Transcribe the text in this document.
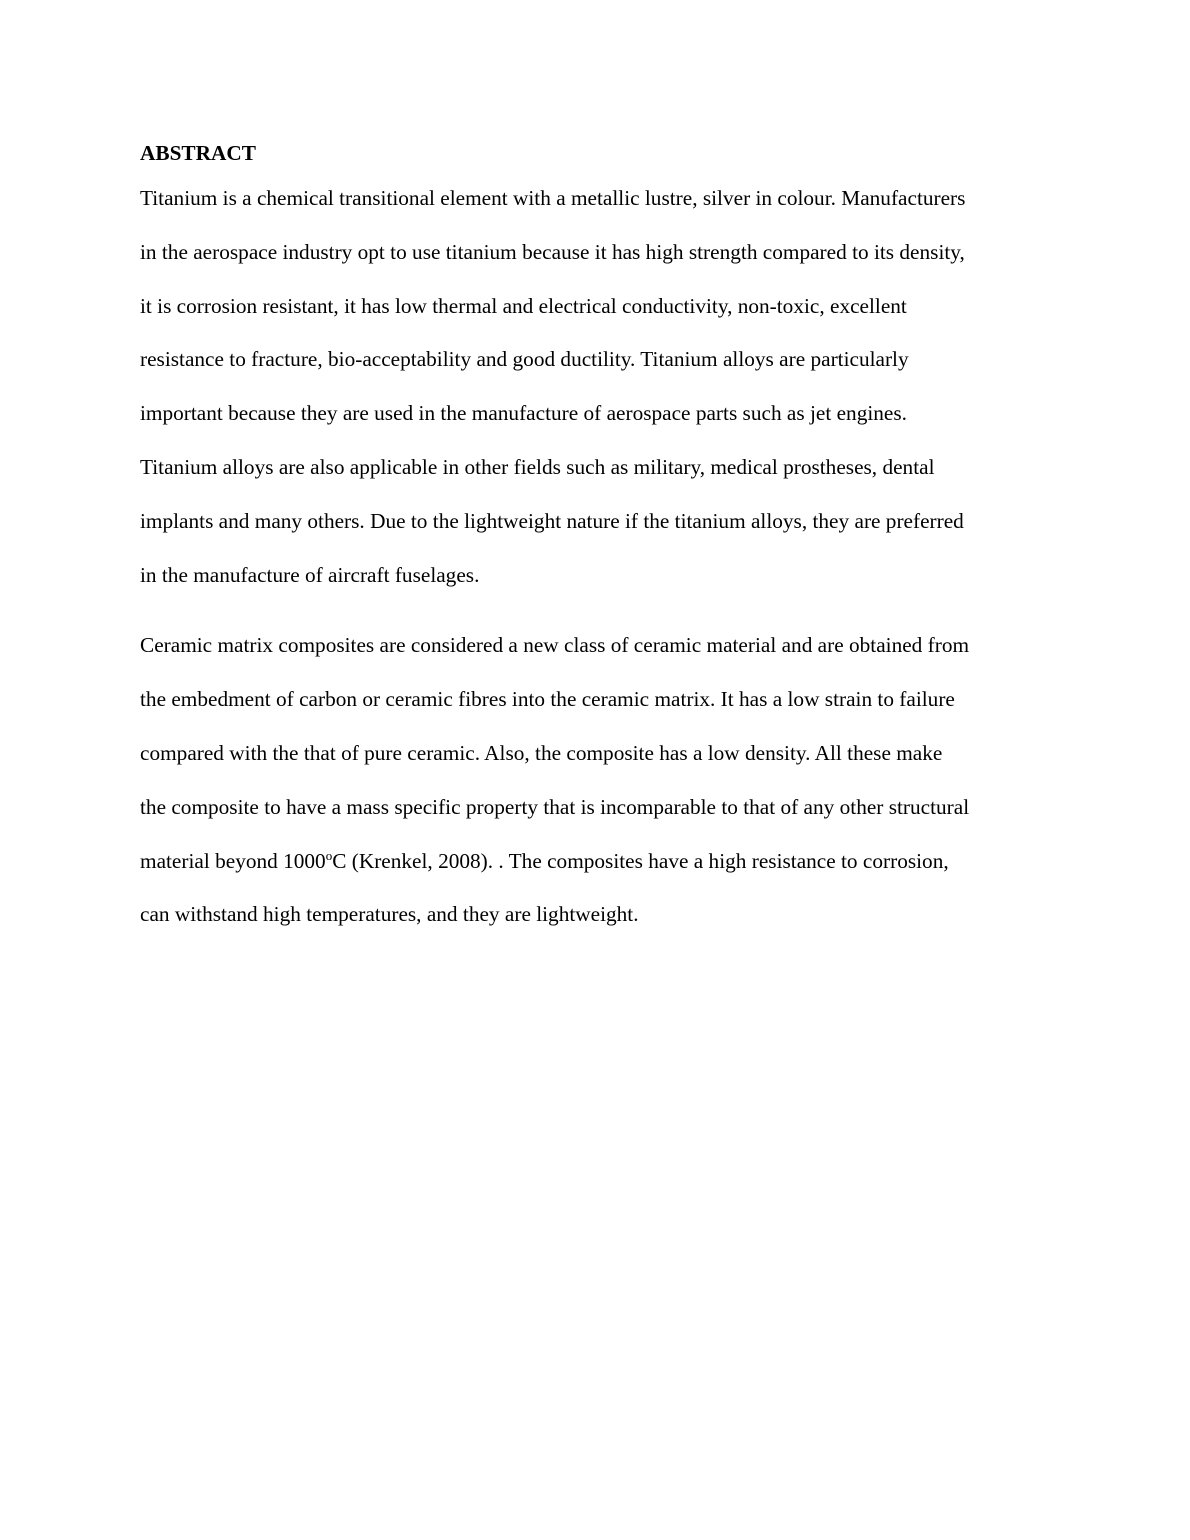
ABSTRACT

Titanium is a chemical transitional element with a metallic lustre, silver in colour. Manufacturers
in the aerospace industry opt to use titanium because it has high strength compared to its density,
it is corrosion resistant, it has low thermal and electrical conductivity, non-toxic, excellent
resistance to fracture, bio-acceptability and good ductility. Titanium alloys are particularly
important because they are used in the manufacture of aerospace parts such as jet engines.
Titanium alloys are also applicable in other fields such as military, medical prostheses, dental
implants and many others. Due to the lightweight nature if the titanium alloys, they are preferred
in the manufacture of aircraft fuselages.

Ceramic matrix composites are considered a new class of ceramic material and are obtained from
the embedment of carbon or ceramic fibres into the ceramic matrix. It has a low strain to failure
compared with the that of pure ceramic. Also, the composite has a low density. All these make
the composite to have a mass specific property that is incomparable to that of any other structural
material beyond 1000$^o$C (Krenkel, 2008). . The composites have a high resistance to corrosion,
can withstand high temperatures, and they are lightweight.
